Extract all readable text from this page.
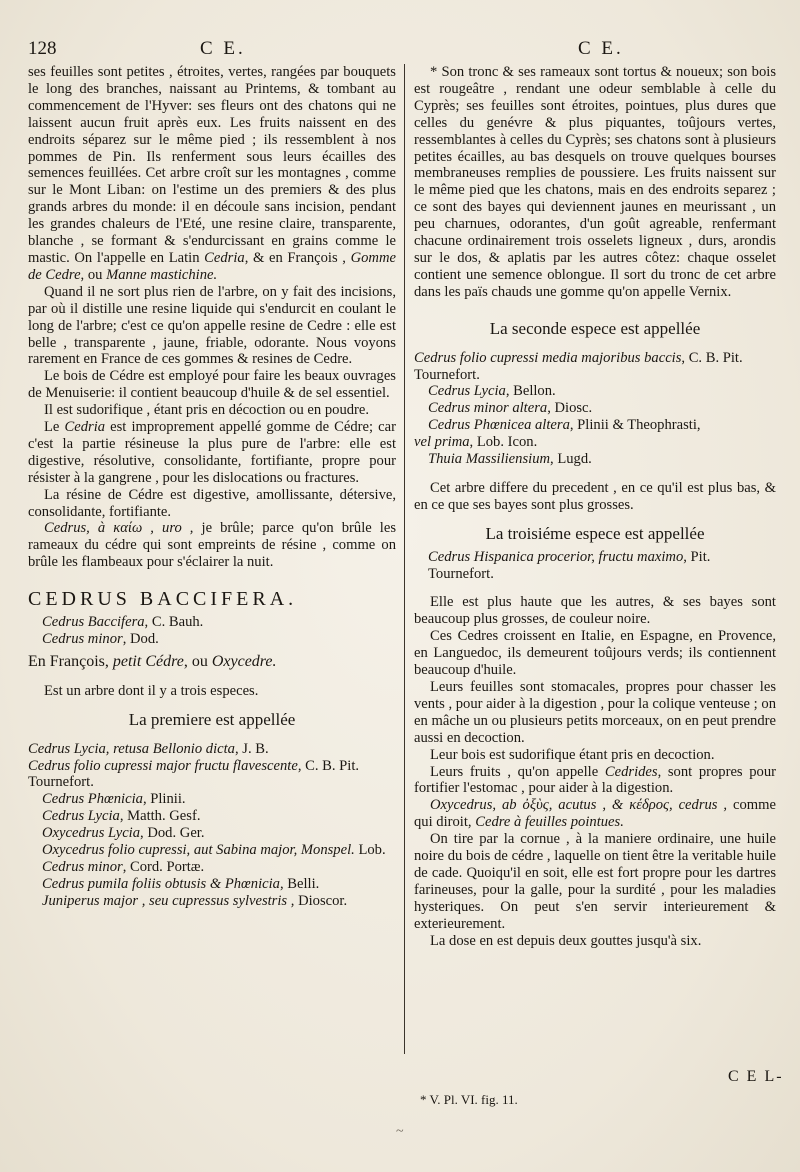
128	C E.	C E.

ses feuilles sont petites , étroites, vertes, rangées par bouquets le long des branches, naissant au Printems, & tombant au commencement de l'Hyver: ses fleurs ont des chatons qui ne laissent aucun fruit après eux. Les fruits naissent en des endroits séparez sur le même pied ; ils ressemblent à nos pommes de Pin. Ils renferment sous leurs écailles des semences feuillées. Cet arbre croît sur les montagnes , comme sur le Mont Liban: on l'estime un des premiers & des plus grands arbres du monde: il en découle sans incision, pendant les grandes chaleurs de l'Eté, une resine claire, transparente, blanche , se formant & s'endurcissant en grains comme le mastic. On l'appelle en Latin Cedria, & en François , Gomme de Cedre, ou Manne mastichine.

Quand il ne sort plus rien de l'arbre, on y fait des incisions, par où il distille une resine liquide qui s'endurcit en coulant le long de l'arbre; c'est ce qu'on appelle resine de Cedre : elle est belle , transparente , jaune, friable, odorante. Nous voyons rarement en France de ces gommes & resines de Cedre.

Le bois de Cédre est employé pour faire les beaux ouvrages de Menuiserie: il contient beaucoup d'huile & de sel essentiel.

Il est sudorifique , étant pris en décoction ou en poudre.

Le Cedria est improprement appellé gomme de Cédre; car c'est la partie résineuse la plus pure de l'arbre: elle est digestive, résolutive, consolidante, fortifiante, propre pour résister à la gangrene , pour les dislocations ou fractures.

La résine de Cédre est digestive, amollissante, détersive, consolidante, fortifiante.

Cedrus, à καίω , uro , je brûle; parce qu'on brûle les rameaux du cédre qui sont empreints de résine , comme on brûle les flambeaux pour s'éclairer la nuit.

CEDRUS BACCIFERA.

Cedrus Baccifera, C. Bauh.

Cedrus minor, Dod.

En François, petit Cédre, ou Oxycedre.

Est un arbre dont il y a trois especes.

La premiere est appellée

Cedrus Lycia, retusa Bellonio dicta, J. B.

Cedrus folio cupressi major fructu flavescente, C. B. Pit. Tournefort.

Cedrus Phœnicia, Plinii.

Cedrus Lycia, Matth. Gesf.

Oxycedrus Lycia, Dod. Ger.

Oxycedrus folio cupressi, aut Sabina major, Monspel. Lob.

Cedrus minor, Cord. Portæ.

Cedrus pumila foliis obtusis & Phœnicia, Belli.

Juniperus major , seu cupressus sylvestris , Dioscor.

* Son tronc & ses rameaux sont tortus & noueux; son bois est rougeâtre , rendant une odeur semblable à celle du Cyprès; ses feuilles sont étroites, pointues, plus dures que celles du genévre & plus piquantes, toûjours vertes, ressemblantes à celles du Cyprès; ses chatons sont à plusieurs petites écailles, au bas desquels on trouve quelques bourses membraneuses remplies de poussiere. Les fruits naissent sur le même pied que les chatons, mais en des endroits separez ; ce sont des bayes qui deviennent jaunes en meurissant , un peu charnues, odorantes, d'un goût agreable, renfermant chacune ordinairement trois osselets ligneux , durs, arondis sur le dos, & aplatis par les autres côtez: chaque osselet contient une semence oblongue. Il sort du tronc de cet arbre dans les païs chauds une gomme qu'on appelle Vernix.

La seconde espece est appellée

Cedrus folio cupressi media majoribus baccis, C. B. Pit. Tournefort.

Cedrus Lycia, Bellon.

Cedrus minor altera, Diosc.

Cedrus Phœnicea altera, Plinii & Theophrasti,

vel prima, Lob. Icon.

Thuia Massiliensium, Lugd.

Cet arbre differe du precedent , en ce qu'il est plus bas, & en ce que ses bayes sont plus grosses.

La troisiéme espece est appellée

Cedrus Hispanica procerior, fructu maximo, Pit. Tournefort.

Elle est plus haute que les autres, & ses bayes sont beaucoup plus grosses, de couleur noire.

Ces Cedres croissent en Italie, en Espagne, en Provence, en Languedoc, ils demeurent toûjours verds; ils contiennent beaucoup d'huile.

Leurs feuilles sont stomacales, propres pour chasser les vents , pour aider à la digestion , pour la colique venteuse ; on en mâche un ou plusieurs petits morceaux, on en peut prendre aussi en decoction.

Leur bois est sudorifique étant pris en decoction.

Leurs fruits , qu'on appelle Cedrides, sont propres pour fortifier l'estomac , pour aider à la digestion.

Oxycedrus, ab ὀξὺς, acutus , & κέδρος, cedrus , comme qui diroit, Cedre à feuilles pointues.

On tire par la cornue , à la maniere ordinaire, une huile noire du bois de cédre , laquelle on tient être la veritable huile de cade. Quoiqu'il en soit, elle est fort propre pour les dartres farineuses, pour la galle, pour la surdité , pour les maladies hysteriques. On peut s'en servir interieurement & exterieurement.

La dose en est depuis deux gouttes jusqu'à six.

C E L-
* V. Pl. VI. fig. 11.
~
